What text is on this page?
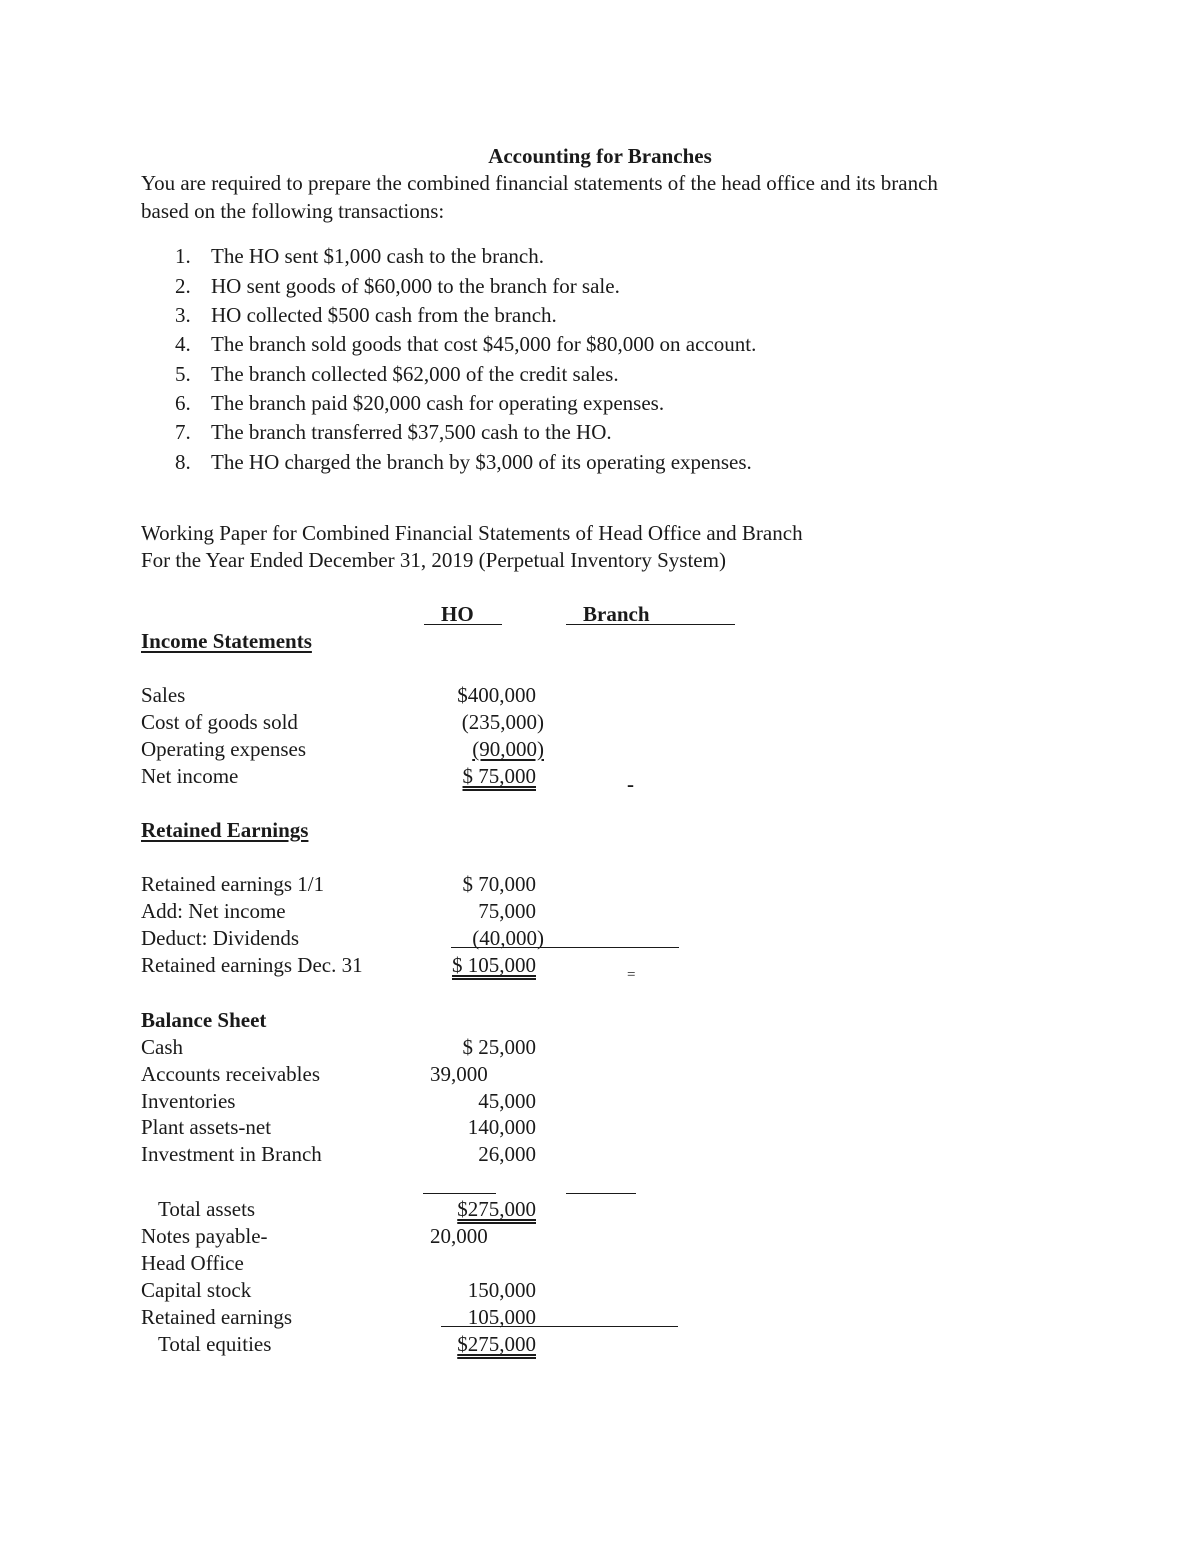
Accounting for Branches
You are required to prepare the combined financial statements of the head office and its branch
based on the following transactions:
1. The HO sent $1,000 cash to the branch.
2. HO sent goods of $60,000 to the branch for sale.
3. HO collected $500 cash from the branch.
4. The branch sold goods that cost $45,000 for $80,000 on account.
5. The branch collected $62,000 of the credit sales.
6. The branch paid $20,000 cash for operating expenses.
7. The branch transferred $37,500 cash to the HO.
8. The HO charged the branch by $3,000 of its operating expenses.
Working Paper for Combined Financial Statements of Head Office and Branch
For the Year Ended December 31, 2019 (Perpetual Inventory System)
HO	Branch
Income Statements
Sales	$400,000
Cost of goods sold	(235,000)
Operating expenses	(90,000)
Net income	$ 75,000	-
Retained Earnings
Retained earnings 1/1	$ 70,000
Add: Net income	75,000
Deduct: Dividends	(40,000)
Retained earnings Dec. 31	$ 105,000	=
Balance Sheet
Cash	$ 25,000
Accounts receivables	39,000
Inventories	45,000
Plant assets-net	140,000
Investment in Branch	26,000
Total assets	$275,000
Notes payable-	20,000
Head Office
Capital stock	150,000
Retained earnings	105,000
Total equities	$275,000
